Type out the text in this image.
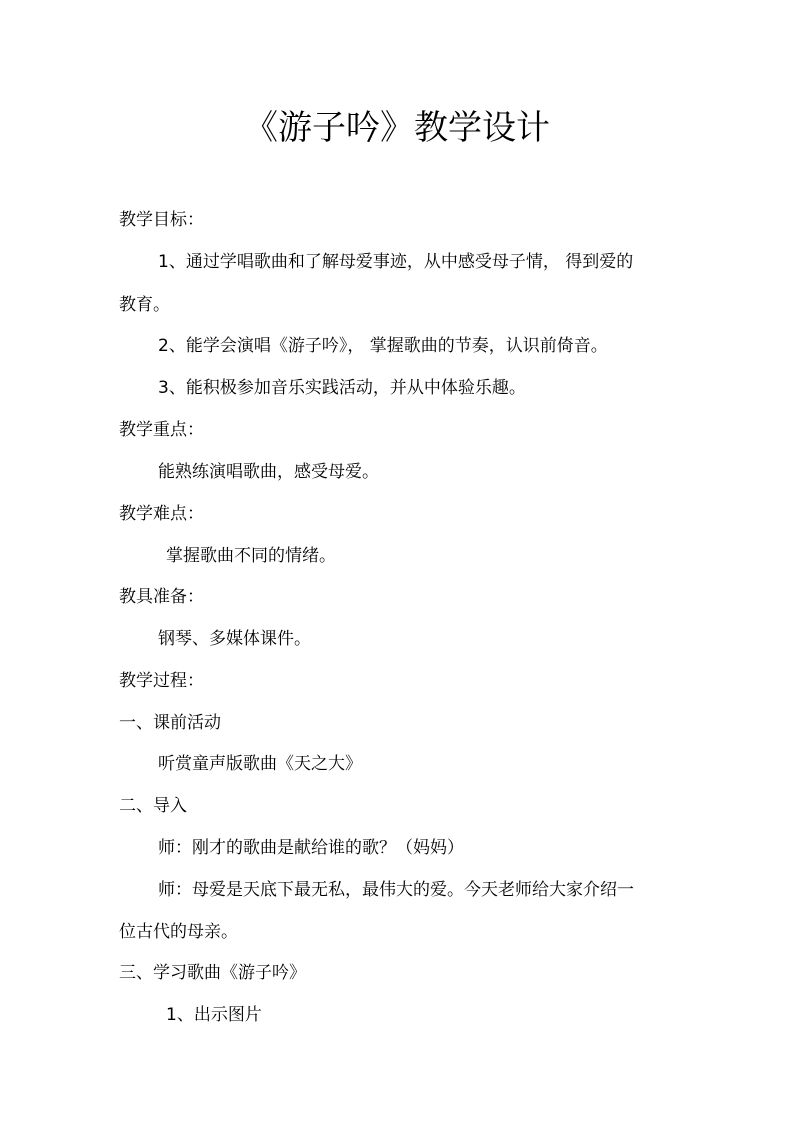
《游子吟》教学设计

教学目标：

1、通过学唱歌曲和了解母爱事迹，从中感受母子情， 得到爱的

教育。

2、能学会演唱《游子吟》， 掌握歌曲的节奏，认识前倚音。

3、能积极参加音乐实践活动，并从中体验乐趣。

教学重点：

能熟练演唱歌曲，感受母爱。

教学难点：

掌握歌曲不同的情绪。

教具准备：

钢琴、多媒体课件。

教学过程：

一、课前活动

听赏童声版歌曲《天之大》

二、导入

师：刚才的歌曲是献给谁的歌？（妈妈）

师：母爱是天底下最无私，最伟大的爱。今天老师给大家介绍一

位古代的母亲。

三、学习歌曲《游子吟》

1、出示图片
